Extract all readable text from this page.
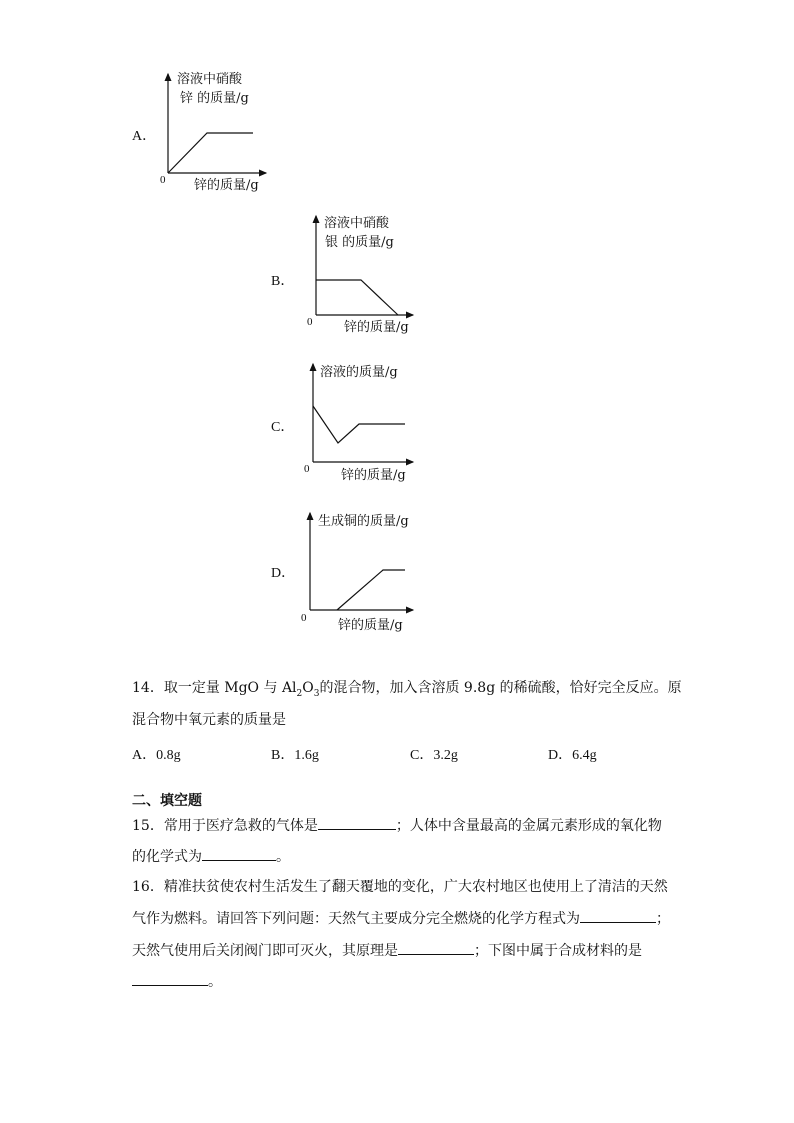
A．
溶液中硝酸
锌 的质量/g
0 锌的质量/g
B．
溶液中硝酸
银 的质量/g
0 锌的质量/g
C．
溶液的质量/g
0 锌的质量/g
D．
生成铜的质量/g
0 锌的质量/g
14．取一定量 MgO 与 $Al_2O_3$的混合物，加入含溶质 9.8g 的稀硫酸，恰好完全反应。原
混合物中氧元素的质量是
A．0.8g	B．1.6g	C．3.2g	D．6.4g
二、填空题
15．常用于医疗急救的气体是	；人体中含量最高的金属元素形成的氧化物
的化学式为	。
16．精准扶贫使农村生活发生了翻天覆地的变化，广大农村地区也使用上了清洁的天然
气作为燃料。请回答下列问题：天然气主要成分完全燃烧的化学方程式为	；
天然气使用后关闭阀门即可灭火，其原理是	；下图中属于合成材料的是
。
